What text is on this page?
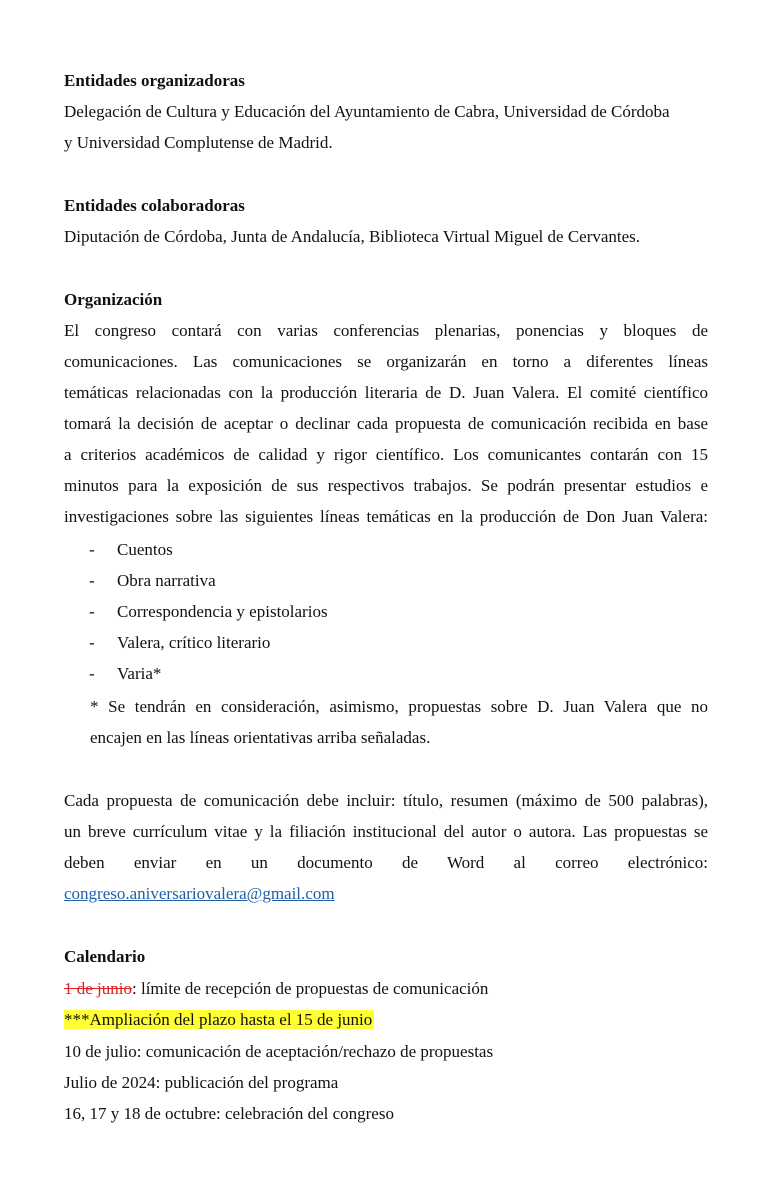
Entidades organizadoras
Delegación de Cultura y Educación del Ayuntamiento de Cabra, Universidad de Córdoba
y Universidad Complutense de Madrid.
Entidades colaboradoras
Diputación de Córdoba, Junta de Andalucía, Biblioteca Virtual Miguel de Cervantes.
Organización
El congreso contará con varias conferencias plenarias, ponencias y bloques de
comunicaciones. Las comunicaciones se organizarán en torno a diferentes líneas
temáticas relacionadas con la producción literaria de D. Juan Valera. El comité científico
tomará la decisión de aceptar o declinar cada propuesta de comunicación recibida en base
a criterios académicos de calidad y rigor científico. Los comunicantes contarán con 15
minutos para la exposición de sus respectivos trabajos. Se podrán presentar estudios e
investigaciones sobre las siguientes líneas temáticas en la producción de Don Juan Valera:
- Cuentos
- Obra narrativa
- Correspondencia y epistolarios
- Valera, crítico literario
- Varia*
* Se tendrán en consideración, asimismo, propuestas sobre D. Juan Valera que no
encajen en las líneas orientativas arriba señaladas.
Cada propuesta de comunicación debe incluir: título, resumen (máximo de 500 palabras),
un breve currículum vitae y la filiación institucional del autor o autora. Las propuestas se
deben enviar en un documento de Word al correo electrónico:
congreso.aniversariovalera@gmail.com
Calendario
1 de junio: límite de recepción de propuestas de comunicación
***Ampliación del plazo hasta el 15 de junio
10 de julio: comunicación de aceptación/rechazo de propuestas
Julio de 2024: publicación del programa
16, 17 y 18 de octubre: celebración del congreso
